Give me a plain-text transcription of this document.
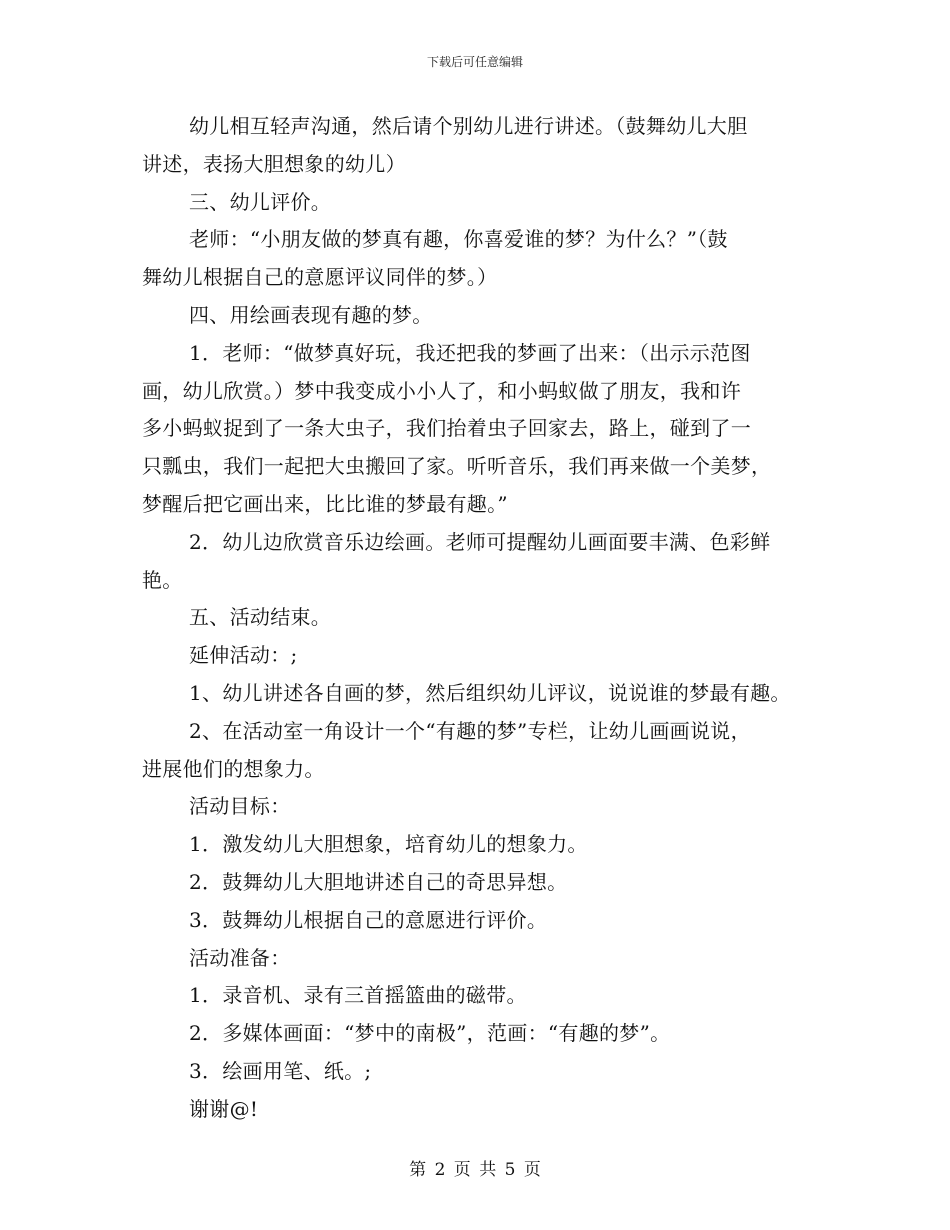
下载后可任意编辑
幼儿相互轻声沟通，然后请个别幼儿进行讲述。（鼓舞幼儿大胆
讲述，表扬大胆想象的幼儿）
三、幼儿评价。
老师：“小朋友做的梦真有趣，你喜爱谁的梦？为什么？”（鼓
舞幼儿根据自己的意愿评议同伴的梦。）
四、用绘画表现有趣的梦。
1．老师：“做梦真好玩，我还把我的梦画了出来：（出示示范图
画，幼儿欣赏。）梦中我变成小小人了，和小蚂蚁做了朋友，我和许
多小蚂蚁捉到了一条大虫子，我们抬着虫子回家去，路上，碰到了一
只瓢虫，我们一起把大虫搬回了家。听听音乐，我们再来做一个美梦，
梦醒后把它画出来，比比谁的梦最有趣。”
2．幼儿边欣赏音乐边绘画。老师可提醒幼儿画面要丰满、色彩鲜
艳。
五、活动结束。
延伸活动：;
1、幼儿讲述各自画的梦，然后组织幼儿评议，说说谁的梦最有趣。
2、在活动室一角设计一个“有趣的梦”专栏，让幼儿画画说说，
进展他们的想象力。
活动目标：
1．激发幼儿大胆想象，培育幼儿的想象力。
2．鼓舞幼儿大胆地讲述自己的奇思异想。
3．鼓舞幼儿根据自己的意愿进行评价。
活动准备：
1．录音机、录有三首摇篮曲的磁带。
2．多媒体画面：“梦中的南极”，范画：“有趣的梦”。
3．绘画用笔、纸。;
谢谢@!
第 2 页 共 5 页
